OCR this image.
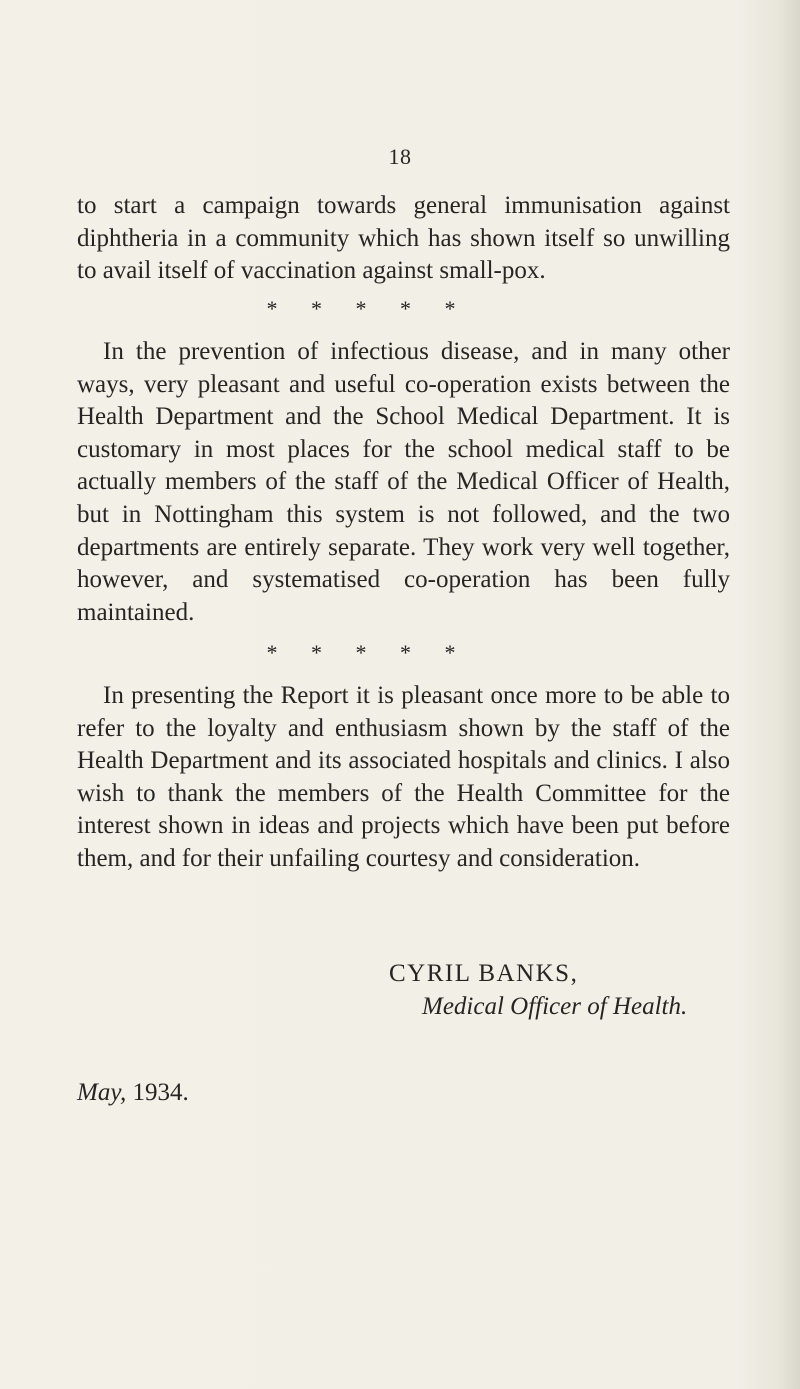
18

to start a campaign towards general immunisation against diphtheria in a community which has shown itself so unwilling to avail itself of vaccination against small-pox.

* * * * *

In the prevention of infectious disease, and in many other ways, very pleasant and useful co-operation exists between the Health Department and the School Medical Department. It is customary in most places for the school medical staff to be actually members of the staff of the Medical Officer of Health, but in Nottingham this system is not followed, and the two departments are entirely separate. They work very well together, however, and systematised co-operation has been fully maintained.

* * * * *

In presenting the Report it is pleasant once more to be able to refer to the loyalty and enthusiasm shown by the staff of the Health Department and its associated hospitals and clinics. I also wish to thank the members of the Health Committee for the interest shown in ideas and projects which have been put before them, and for their unfailing courtesy and consideration.

CYRIL BANKS,
Medical Officer of Health.
May, 1934.
